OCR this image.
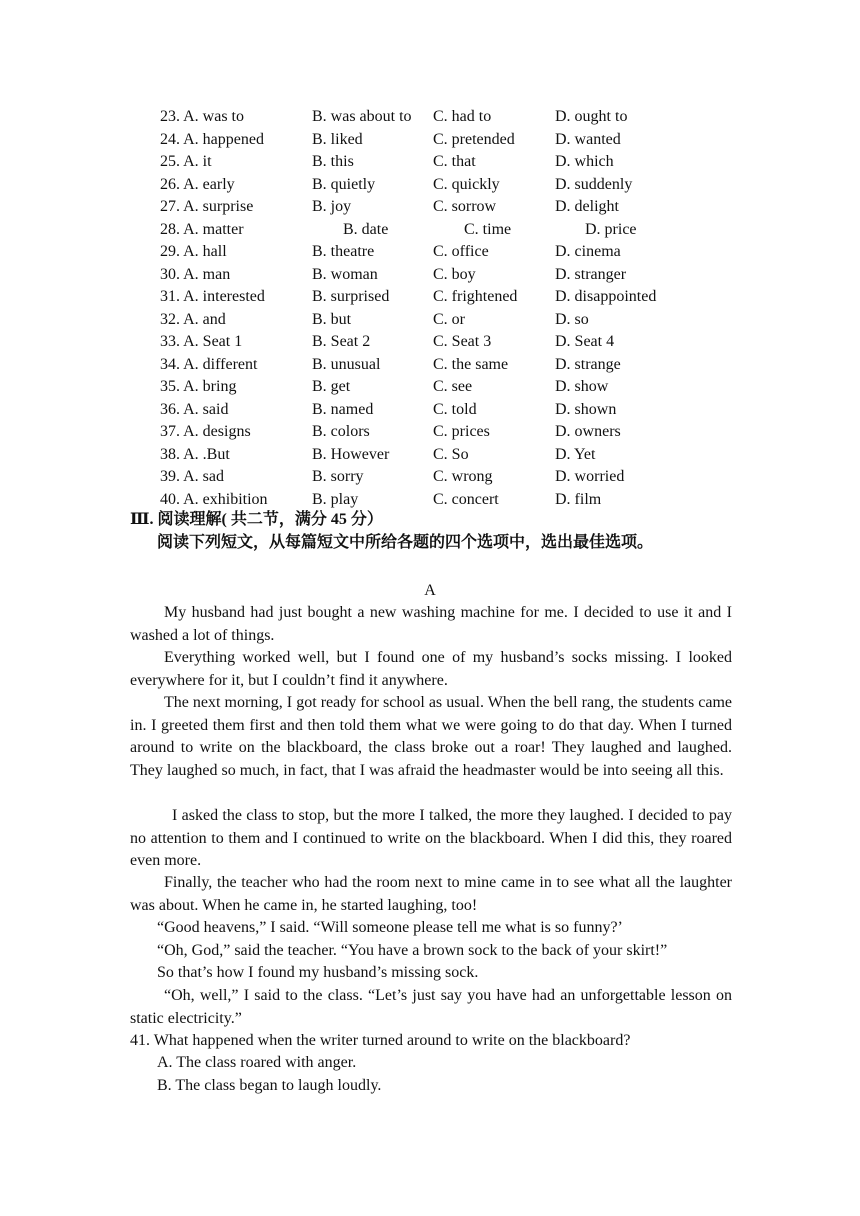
23. A. was to	B. was about to C. had to	D. ought to
24. A. happened	B. liked	C. pretended	D. wanted
25. A. it	B. this	C. that	D. which
26. A. early	B. quietly	C. quickly	D. suddenly
27. A. surprise	B. joy	C. sorrow	D. delight
28. A. matter	B. date	C. time	D. price
29. A. hall	B. theatre	C. office	D. cinema
30. A. man	B. woman	C. boy	D. stranger
31. A. interested	B. surprised	C. frightened D. disappointed
32. A. and	B. but	C. or	D. so
33. A. Seat 1	B. Seat 2	C. Seat 3	D. Seat 4
34. A. different	B. unusual	C. the same	D. strange
35. A. bring	B. get	C. see	D. show
36. A. said	B. named	C. told	D. shown
37. A. designs	B. colors	C. prices	D. owners
38. A. .But	B. However	C. So	D. Yet
39. A. sad	B. sorry	C. wrong	D. worried
40. A. exhibition	B. play	C. concert	D. film
Ⅲ. 阅读理解( 共二节，满分 45 分）
阅读下列短文，从每篇短文中所给各题的四个选项中，选出最佳选项。
A
My husband had just bought a new washing machine for me. I decided to use it and I washed a lot of things.
Everything worked well, but I found one of my husband’s socks missing. I looked everywhere for it, but I couldn’t find it anywhere.
The next morning, I got ready for school as usual. When the bell rang, the students came in. I greeted them first and then told them what we were going to do that day. When I turned around to write on the blackboard, the class broke out a roar! They laughed and laughed. They laughed so much, in fact, that I was afraid the headmaster would be into seeing all this.
I asked the class to stop, but the more I talked, the more they laughed. I decided to pay no attention to them and I continued to write on the blackboard. When I did this, they roared even more.
Finally, the teacher who had the room next to mine came in to see what all the laughter was about. When he came in, he started laughing, too!
“Good heavens,” I said. “Will someone please tell me what is so funny?’
“Oh, God,” said the teacher. “You have a brown sock to the back of your skirt!”
So that’s how I found my husband’s missing sock.
“Oh, well,” I said to the class. “Let’s just say you have had an unforgettable lesson on static electricity.”
41. What happened when the writer turned around to write on the blackboard?
A. The class roared with anger.
B. The class began to laugh loudly.
